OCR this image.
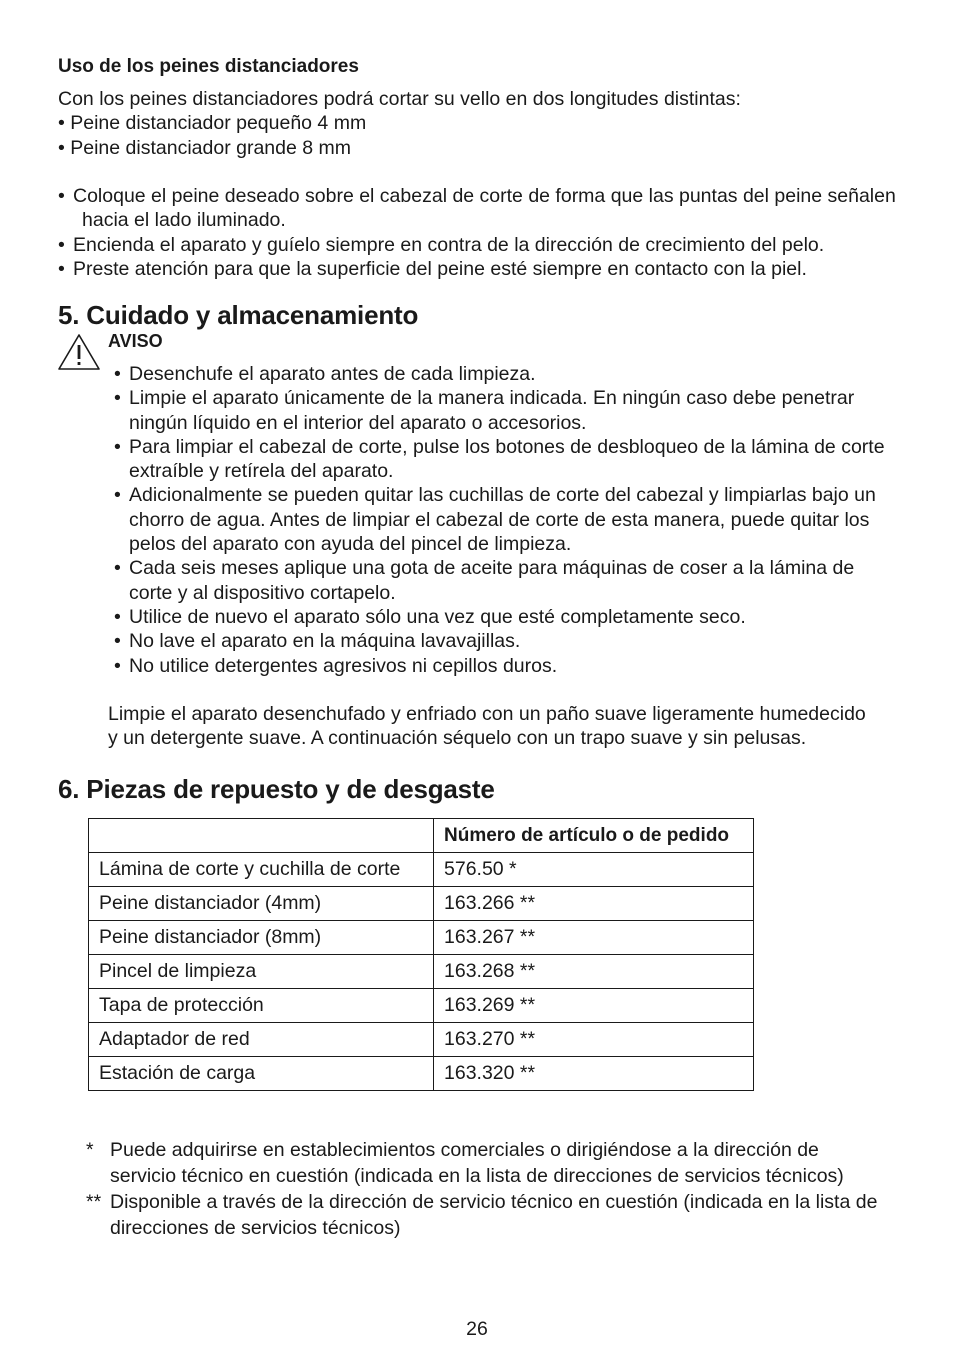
Uso de los peines distanciadores
Con los peines distanciadores podrá cortar su vello en dos longitudes distintas:
• Peine distanciador pequeño 4 mm
• Peine distanciador grande 8 mm
• Coloque el peine deseado sobre el cabezal de corte de forma que las puntas del peine señalen
hacia el lado iluminado.
• Encienda el aparato y guíelo siempre en contra de la dirección de crecimiento del pelo.
• Preste atención para que la superficie del peine esté siempre en contacto con la piel.
5. Cuidado y almacenamiento
AVISO
• Desenchufe el aparato antes de cada limpieza.
• Limpie el aparato únicamente de la manera indicada. En ningún caso debe penetrar
ningún líquido en el interior del aparato o accesorios.
• Para limpiar el cabezal de corte, pulse los botones de desbloqueo de la lámina de corte
extraíble y retírela del aparato.
• Adicionalmente se pueden quitar las cuchillas de corte del cabezal y limpiarlas bajo un
chorro de agua. Antes de limpiar el cabezal de corte de esta manera, puede quitar los
pelos del aparato con ayuda del pincel de limpieza.
• Cada seis meses aplique una gota de aceite para máquinas de coser a la lámina de
corte y al dispositivo cortapelo.
• Utilice de nuevo el aparato sólo una vez que esté completamente seco.
• No lave el aparato en la máquina lavavajillas.
• No utilice detergentes agresivos ni cepillos duros.
Limpie el aparato desenchufado y enfriado con un paño suave ligeramente humedecido
y un detergente suave. A continuación séquelo con un trapo suave y sin pelusas.
6. Piezas de repuesto y de desgaste
	Número de artículo o de pedido
Lámina de corte y cuchilla de corte	576.50 *
Peine distanciador (4mm)	163.266 **
Peine distanciador (8mm)	163.267 **
Pincel de limpieza	163.268 **
Tapa de protección	163.269 **
Adaptador de red	163.270 **
Estación de carga	163.320 **
* Puede adquirirse en establecimientos comerciales o dirigiéndose a la dirección de
servicio técnico en cuestión (indicada en la lista de direcciones de servicios técnicos)
** Disponible a través de la dirección de servicio técnico en cuestión (indicada en la lista de
direcciones de servicios técnicos)
26
